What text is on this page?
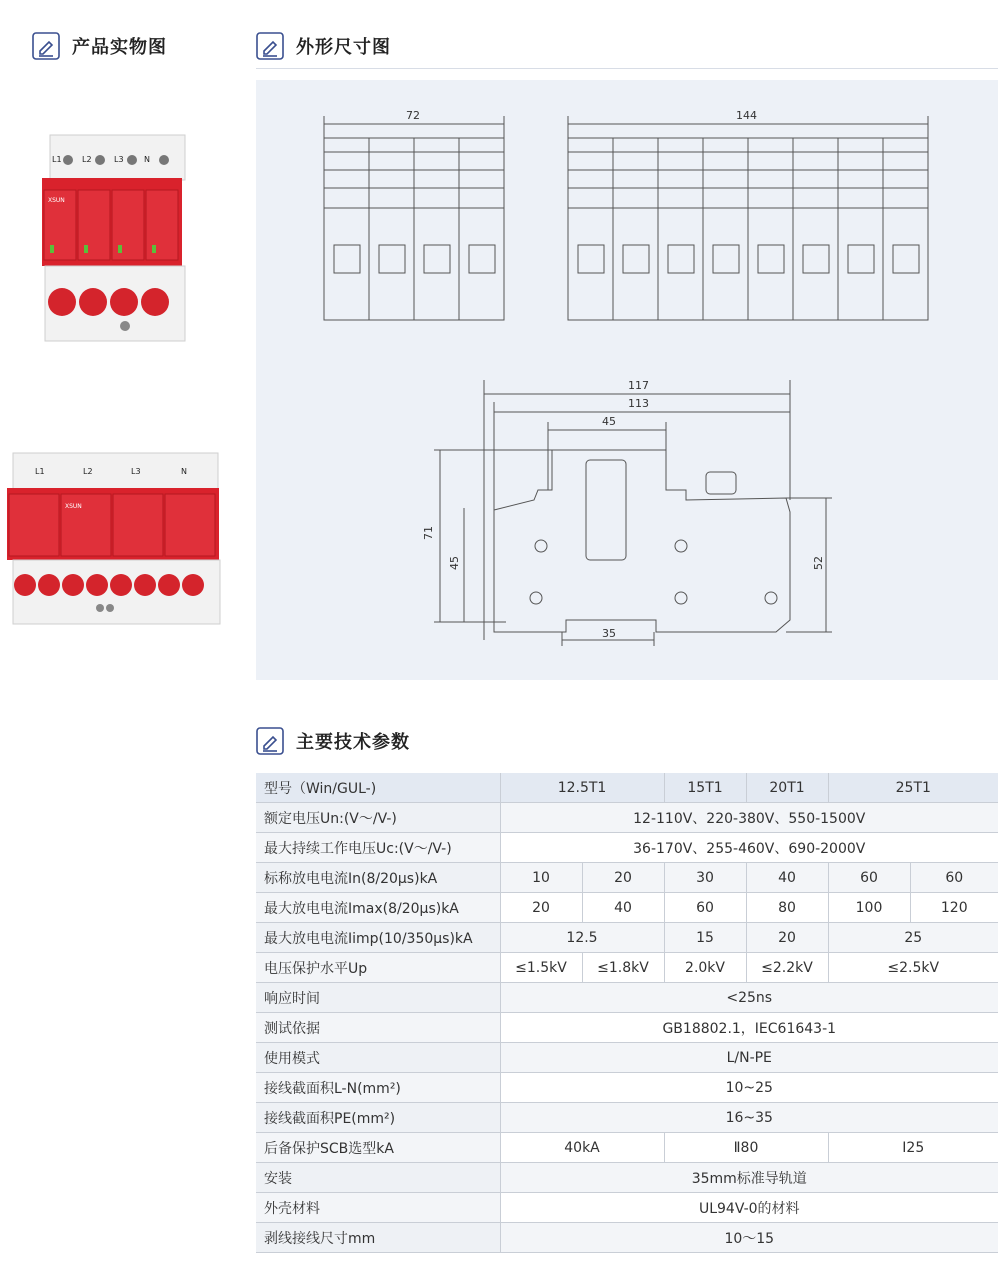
产品实物图	外形尺寸图
L1	L2	L3	N
XSUN
L1	L2	L3	N
XSUN
72	144
117
113
45
71
45	52
35
主要技术参数
型号（Win/GUL-)	12.5T1		15T1	20T1	25T1	
额定电压Un:(V～/V-)	12-110V、220-380V、550-1500V					
最大持续工作电压Uc:(V～/V-)	36-170V、255-460V、690-2000V					
标称放电电流In(8/20μs)kA	10	20	30	40	60	60
最大放电电流Imax(8/20μs)kA	20	40	60	80	100	120
最大放电电流Iimp(10/350μs)kA	12.5		15	20	25	
电压保护水平Up	≤1.5kV	≤1.8kV	2.0kV	≤2.2kV	≤2.5kV	
响应时间	<25ns					
测试依据	GB18802.1，IEC61643-1					
使用模式	L/N-PE					
接线截面积L-N(mm²)	10~25					
接线截面积PE(mm²)	16~35					
后备保护SCB选型kA	40kA		Ⅱ80		Ⅰ25	
安装	35mm标准导轨道					
外壳材料	UL94V-0的材料					
剥线接线尺寸mm	10～15					
